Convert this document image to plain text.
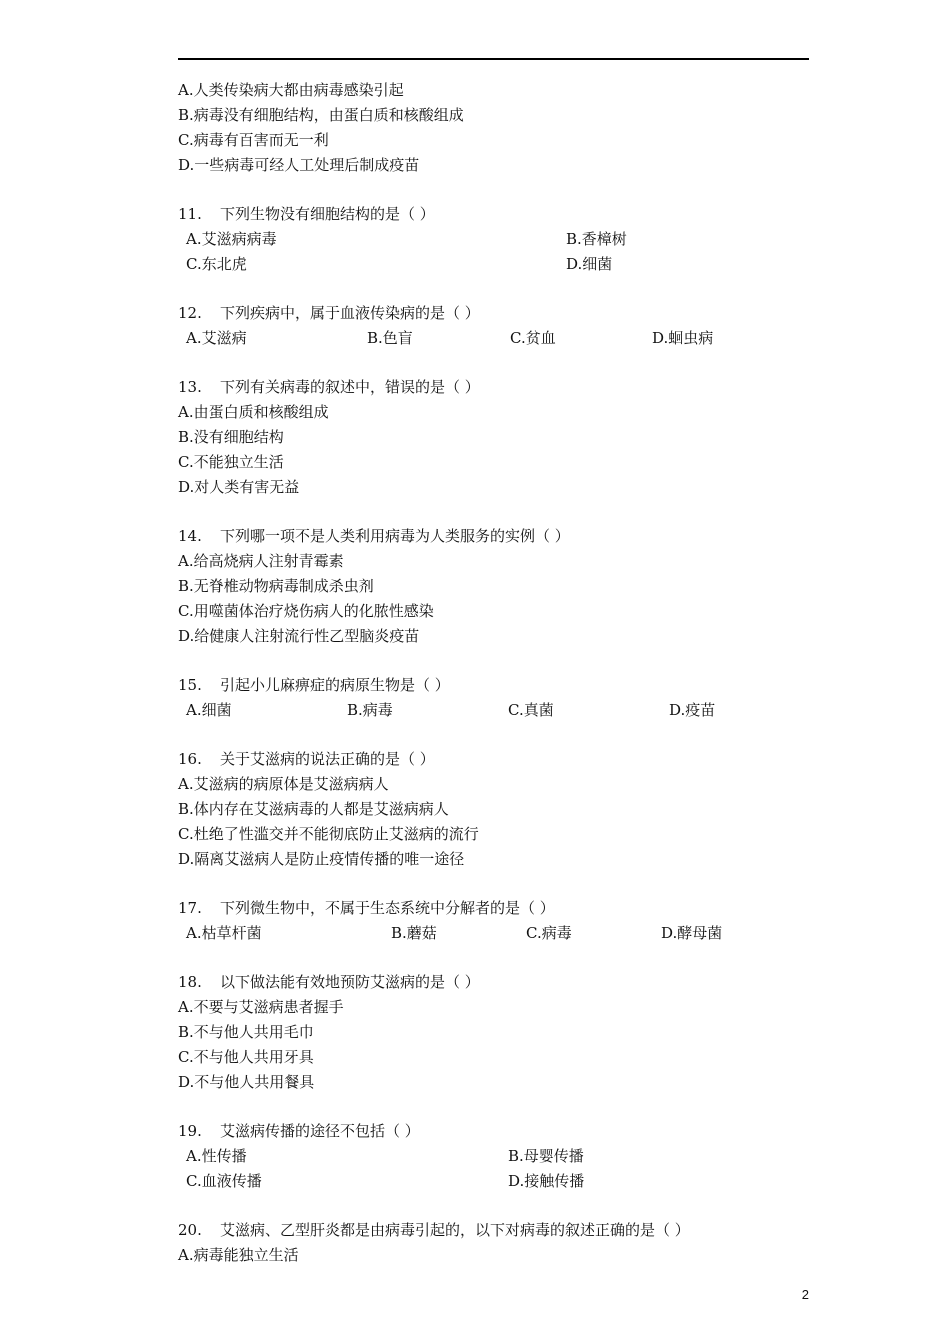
A.人类传染病大都由病毒感染引起
B.病毒没有细胞结构，由蛋白质和核酸组成
C.病毒有百害而无一利
D.一些病毒可经人工处理后制成疫苗
11.	下列生物没有细胞结构的是（ ）
A.艾滋病病毒	B.香樟树
C.东北虎	D.细菌
12.	下列疾病中，属于血液传染病的是（ ）
A.艾滋病	B.色盲	C.贫血	D.蛔虫病
13.	下列有关病毒的叙述中，错误的是（ ）
A.由蛋白质和核酸组成
B.没有细胞结构
C.不能独立生活
D.对人类有害无益
14.	下列哪一项不是人类利用病毒为人类服务的实例（ ）
A.给高烧病人注射青霉素
B.无脊椎动物病毒制成杀虫剂
C.用噬菌体治疗烧伤病人的化脓性感染
D.给健康人注射流行性乙型脑炎疫苗
15.	引起小儿麻痹症的病原生物是（ ）
A.细菌	B.病毒	C.真菌	D.疫苗
16.	关于艾滋病的说法正确的是（ ）
A.艾滋病的病原体是艾滋病病人
B.体内存在艾滋病毒的人都是艾滋病病人
C.杜绝了性滥交并不能彻底防止艾滋病的流行
D.隔离艾滋病人是防止疫情传播的唯一途径
17.	下列微生物中，不属于生态系统中分解者的是（ ）
A.枯草杆菌	B.蘑菇	C.病毒	D.酵母菌
18.	以下做法能有效地预防艾滋病的是（ ）
A.不要与艾滋病患者握手
B.不与他人共用毛巾
C.不与他人共用牙具
D.不与他人共用餐具
19.	艾滋病传播的途径不包括（ ）
A.性传播	B.母婴传播
C.血液传播	D.接触传播
20.	艾滋病、乙型肝炎都是由病毒引起的，以下对病毒的叙述正确的是（ ）
A.病毒能独立生活
2
